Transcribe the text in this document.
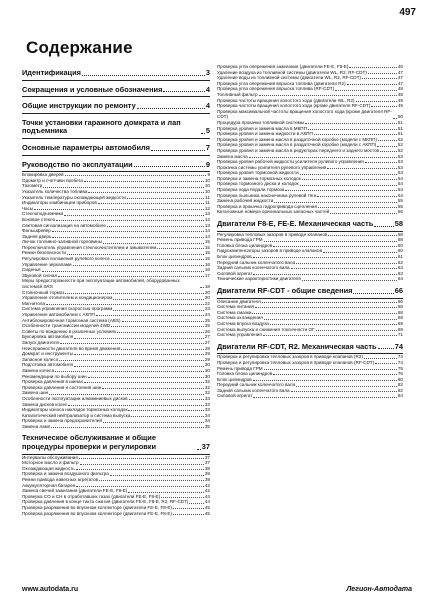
497
Содержание
Идентификация	3
Сокращения и условные обозначения	4
Общие инструкции по ремонту	4
Точки установки гаражного домкрата и лап подъемника	5
Основные параметры автомобиля	7
Руководство по эксплуатации	9
Блокировка дверей	9
Одометр и счетчики пробега	10
Тахометр	10
Указатель количества топлива	10
Указатель температуры охлаждающей жидкости	11
Индикаторы комбинации приборов	11
Часы	12
Стеклоподъемники	13
Боковое стекло	13
Световая сигнализация на автомобиле	13
Фальшфейер	14
Задняя дверь	14
Лючок топливно-заливной горловины	15
Переключатель управления стеклоочистителем и омывателем	15
Ремни безопасности	15
Регулировка положения рулевого колеса	15
Управление зеркалами	16
Сиденья	16
Звуковой сигнал	17
Меры предосторожности при эксплуатации автомобилей, оборудованных системой SRS	18
Стояночный тормоз	20
Управление отопителем и кондиционером	20
Магнитола	22
Система управления скоростью программ	23
Управление автомобилем с АКПП	24
Антиблокировочная тормозная система (ABS)	25
Особенности трансмиссии моделей 4WD	25
Советы по вождению в различных условиях	26
Буксировка автомобиля	27
Запуск двигателя	27
Неисправности двигателя во время движения	28
Домкрат и инструменты	29
Запасное колесо	29
Подготовка автомобиля	30
Замена колеса	30
Рекомендации по выбору шин	30
Проверка давления в шинах	32
Проверка давления и состояния шин	32
Замена шин	32
Особенности эксплуатации алюминиевых дисков	33
Замена дисков колес	33
Индикаторы износа накладок тормозных колодок	33
Каталитический нейтрализатор и система выпуска	34
Проверка и замена предохранителей	34
Замена ламп	35
Техническое обслуживание и общие процедуры проверки и регулировки	37
Интервалы обслуживания	37
Моторное масло и фильтр	37
Охлаждающая жидкость	38
Проверка и замена воздушного фильтра	39
Ремни привода навесных агрегатов	39
Аккумуляторная батарея	42
Замена свечей зажигания (двигатели FE-E, F8-E)	42
Проверка CO и CH в отработавших газах (двигатели FE-E, F8-E)	44
Проверка давления в конце такта сжатия (двигатели FE-E, F8-E, R2, RF-CDT)	44
Проверка разряжения во впускном коллекторе (двигатели FE-E, F8-E)	45
Проверка разряжения во впускном коллекторе (двигатели FE-E, F8-E)	45
Проверка угла опережения зажигания (двигатели FE-E, F8-E)	46
Удаление воздуха из топливной системы (двигатели WL, R2, RF-CDT)	47
Удаление воды из топливной системы (двигатели WL, R2, RF-CDT)	47
Проверка угла опережения впрыска топлива (двигатели R2)	47
Проверка угла опережения впрыска топлива (RF-CDT)	48
Топливный фильтр	48
Проверка частоты вращения холостого хода (двигатели WL, R2)	49
Проверка частоты вращения холостого хода (кроме двигателя RF-CDT)	49
Проверка максимальной частоты вращения холостого хода (кроме двигателя RF-CDT)	50
Процедура прокачки топливной системы	51
Проверка уровня и замена масла в МКПП	51
Проверка уровня и замена жидкости в АКПП	51
Проверка уровня и замена масла в раздаточной коробке (модели с МКПП)	52
Проверка уровня и замена масла в раздаточной коробке (модели с АКПП)	52
Проверка уровня и замена масла в редукторах переднего и заднего мостов	52
Замена масла	53
Проверка уровня рабочей жидкости усилителя рулевого управления	53
Прокачка системы усилителя рулевого управления	53
Проверка уровня тормозной жидкости	53
Проверка и замена тормозных колодок	54
Проверка тормозного диска и колодок	54
Проверка хода педали тормоза	54
Проверка пыльника наконечника рулевой тяги	54
Замена рабочей жидкости	55
Проверка и прокачка гидропривода сцепления	55
Каталожные номера оригинальных запасных частей	56
Двигатели F8-E, FE-E. Механическая часть	58
Регулировка тепловых зазоров в приводе клапанов	58
Ремень привода ГРМ	58
Головка блока цилиндров	60
Гидрокомпенсаторы зазоров в приводе клапанов	60
Блок цилиндров	61
Передний сальник коленчатого вала	62
Задний сальник коленчатого вала	63
Силовой агрегат	63
Технические характеристики двигателя	64
Двигатели RF-CDT - общие сведения	66
Описание двигателя	66
Система питания	66
Система смазки	68
Система охлаждения	68
Система впуска воздуха	69
Система выпуска и снижения токсичности ОГ	69
Система управления	71
Двигатели RF-CDT, R2. Механическая часть 74
Проверка и регулировка тепловых зазоров в приводе клапанов (R2)	74
Проверка и регулировка тепловых зазоров в приводе клапанов (RF-CDT)	74
Ремень привода ГРМ	75
Головка блока цилиндров	76
Блок цилиндров	80
Передний сальник коленчатого вала	82
Задний сальник коленчатого вала	82
Силовой агрегат	84
www.autodata.ru	Легион-Автодата
